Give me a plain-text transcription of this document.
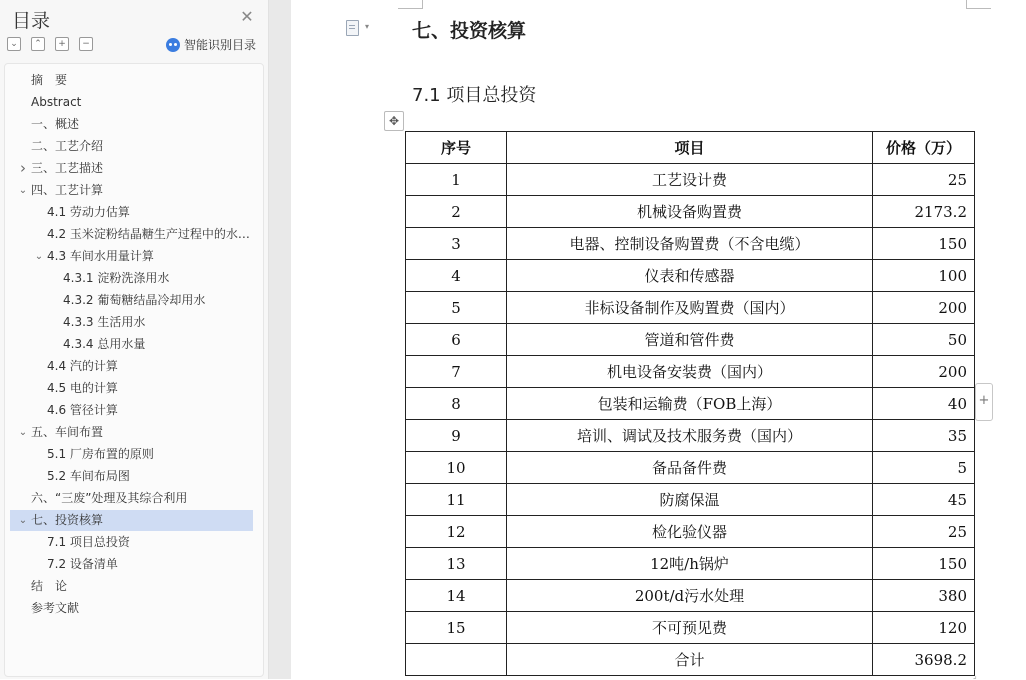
目录	✕
⌄	⌃	+	−	智能识别目录
摘　要
Abstract
一、概述
二、工艺介绍
三、工艺描述
›
四、工艺计算
⌄
4.1 劳动力估算
4.2 玉米淀粉结晶糖生产过程中的水…
4.3 车间水用量计算
⌄
4.3.1 淀粉洗涤用水
4.3.2 葡萄糖结晶冷却用水
4.3.3 生活用水
4.3.4 总用水量
4.4 汽的计算
4.5 电的计算
4.6 管径计算
五、车间布置
⌄
5.1 厂房布置的原则
5.2 车间布局图
六、“三废”处理及其综合利用
七、投资核算
⌄
7.1 项目总投资
7.2 设备清单
结　论
参考文献
▾ 七、投资核算
7.1 项目总投资
✥
序号	项目	价格（万）
1	工艺设计费	25
2	机械设备购置费	2173.2
3	电器、控制设备购置费（不含电缆）	150
4	仪表和传感器	100
5	非标设备制作及购置费（国内）	200
6	管道和管件费	50
7	机电设备安装费（国内）	200
8	包装和运输费（FOB上海）	40
9	培训、调试及技术服务费（国内）	35
10	备品备件费	5
11	防腐保温	45
12	检化验仪器	25
13	12吨/h锅炉	150
14	200t/d污水处理	380
15	不可预见费	120
	合计	3698.2
+
⌟
